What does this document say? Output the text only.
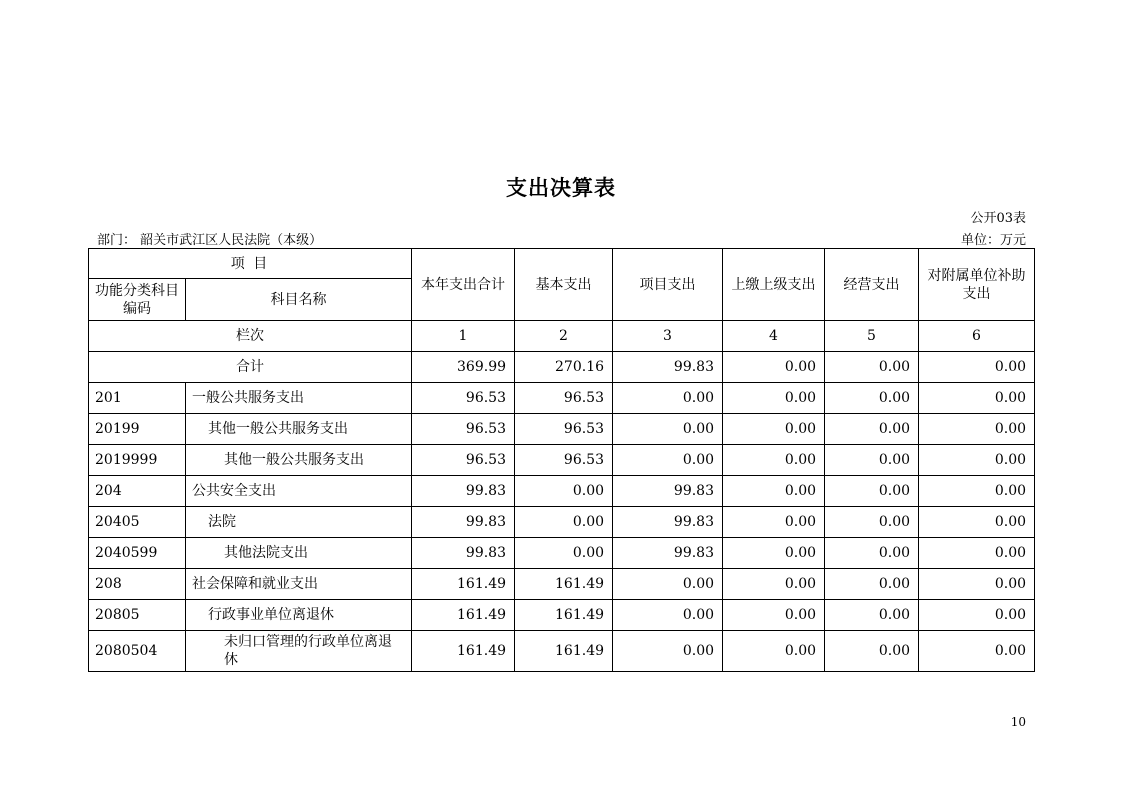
支出决算表
公开03表
部门： 韶关市武江区人民法院（本级）	单位：万元
项 目		本年支出合计	基本支出	项目支出	上缴上级支出	经营支出	对附属单位补助支出
功能分类科目编码	科目名称						
栏次		1	2	3	4	5	6
合计		369.99	270.16	99.83	0.00	0.00	0.00
201	一般公共服务支出	96.53	96.53	0.00	0.00	0.00	0.00
20199	其他一般公共服务支出	96.53	96.53	0.00	0.00	0.00	0.00
2019999	其他一般公共服务支出	96.53	96.53	0.00	0.00	0.00	0.00
204	公共安全支出	99.83	0.00	99.83	0.00	0.00	0.00
20405	法院	99.83	0.00	99.83	0.00	0.00	0.00
2040599	其他法院支出	99.83	0.00	99.83	0.00	0.00	0.00
208	社会保障和就业支出	161.49	161.49	0.00	0.00	0.00	0.00
20805	行政事业单位离退休	161.49	161.49	0.00	0.00	0.00	0.00
2080504	未归口管理的行政单位离退休	161.49	161.49	0.00	0.00	0.00	0.00
10
